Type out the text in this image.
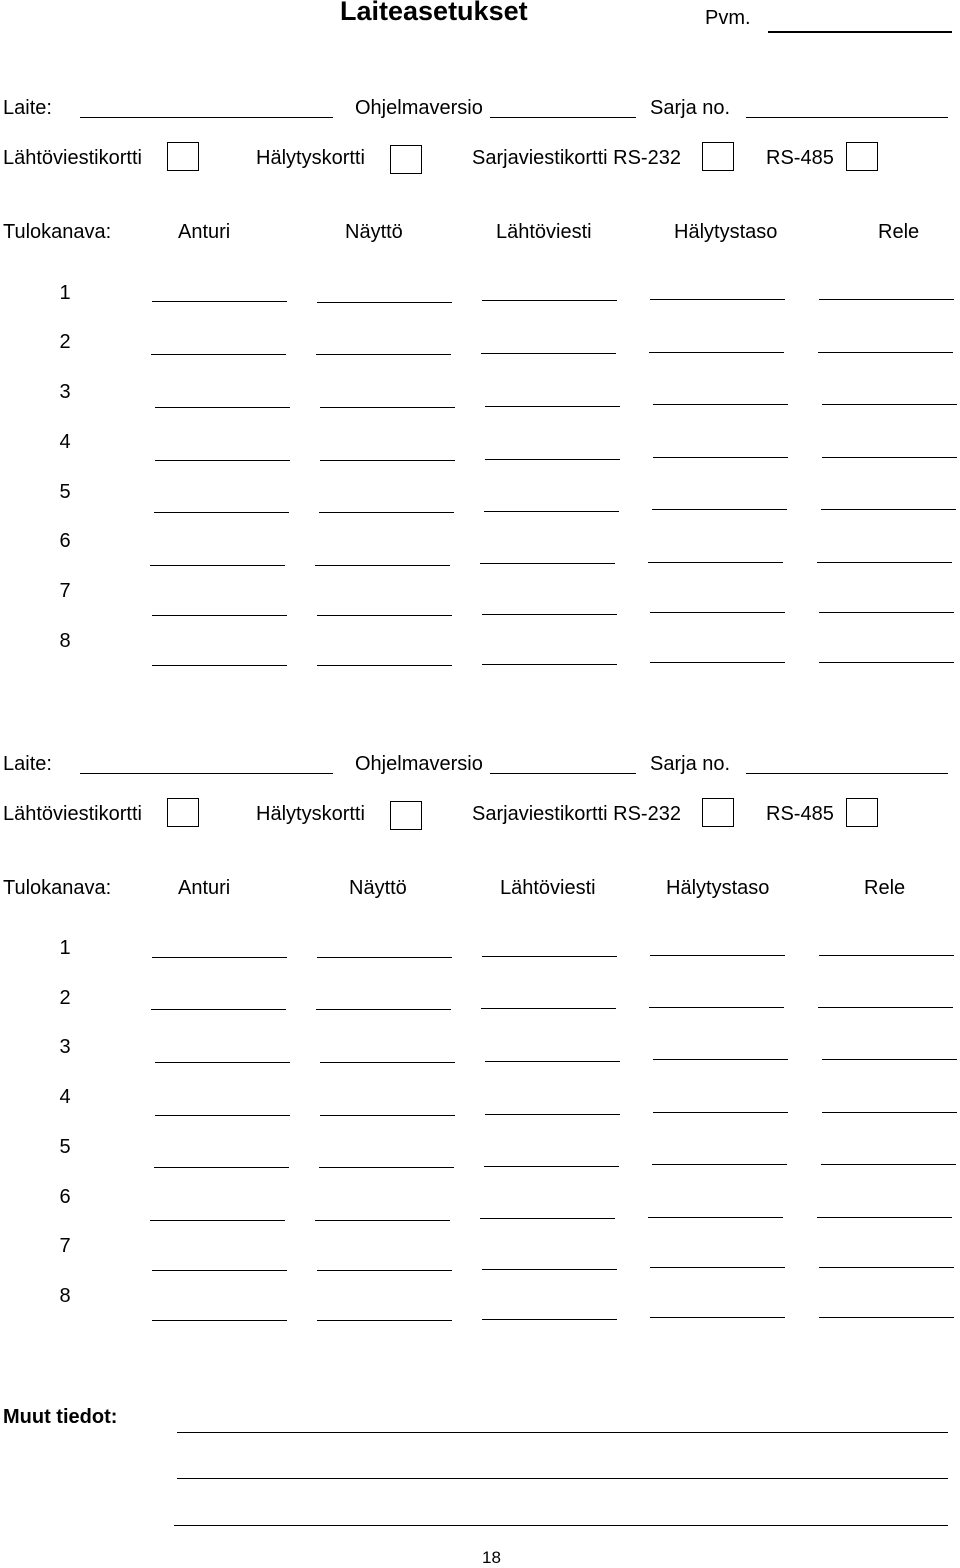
Laiteasetukset	Pvm.
Laite:	Ohjelmaversio	Sarja no.
Lähtöviestikortti	Hälytyskortti	Sarjaviestikortti RS-232	RS-485
Tulokanava:	Anturi	Näyttö	Lähtöviesti	Hälytystaso	Rele
1
2
3
4
5
6
7
8
Laite:	Ohjelmaversio	Sarja no.
Lähtöviestikortti	Hälytyskortti	Sarjaviestikortti RS-232	RS-485
Tulokanava:	Anturi	Näyttö	Lähtöviesti	Hälytystaso	Rele
1
2
3
4
5
6
7
8
Muut tiedot:
18
